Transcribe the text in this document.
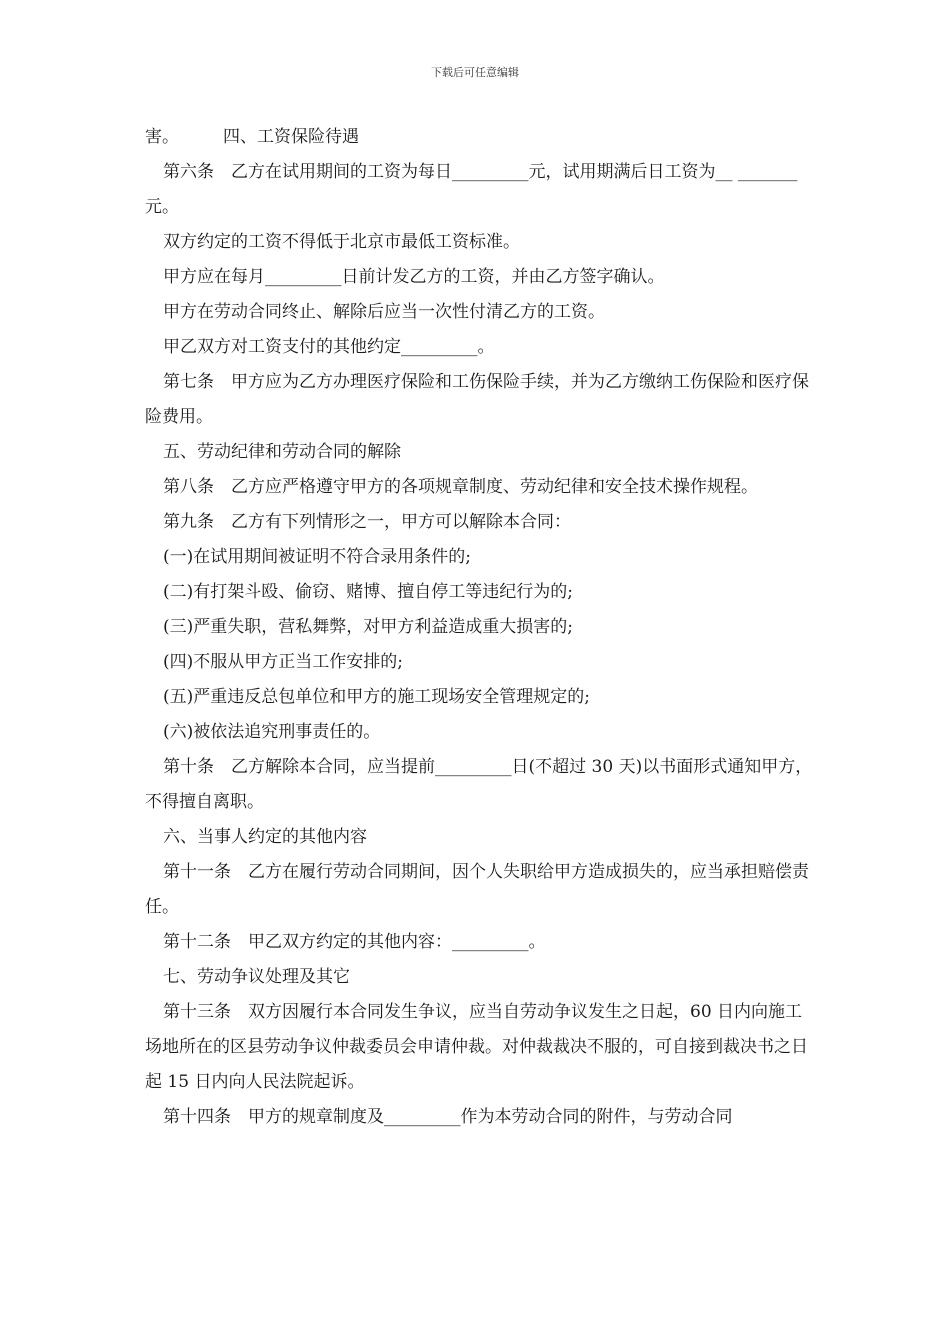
下载后可任意编辑

害。	四、工资保险待遇

第六条　乙方在试用期间的工资为每日_________元，试用期满后日工资为__ _______元。

双方约定的工资不得低于北京市最低工资标准。

甲方应在每月_________日前计发乙方的工资，并由乙方签字确认。

甲方在劳动合同终止、解除后应当一次性付清乙方的工资。

甲乙双方对工资支付的其他约定_________。

第七条　甲方应为乙方办理医疗保险和工伤保险手续，并为乙方缴纳工伤保险和医疗保险费用。

五、劳动纪律和劳动合同的解除

第八条　乙方应严格遵守甲方的各项规章制度、劳动纪律和安全技术操作规程。

第九条　乙方有下列情形之一，甲方可以解除本合同：

(一)在试用期间被证明不符合录用条件的;

(二)有打架斗殴、偷窃、赌博、擅自停工等违纪行为的;

(三)严重失职，营私舞弊，对甲方利益造成重大损害的;

(四)不服从甲方正当工作安排的;

(五)严重违反总包单位和甲方的施工现场安全管理规定的;

(六)被依法追究刑事责任的。

第十条　乙方解除本合同，应当提前_________日(不超过 30 天)以书面形式通知甲方，不得擅自离职。

六、当事人约定的其他内容

第十一条　乙方在履行劳动合同期间，因个人失职给甲方造成损失的，应当承担赔偿责任。

第十二条　甲乙双方约定的其他内容：_________。

七、劳动争议处理及其它

第十三条　双方因履行本合同发生争议，应当自劳动争议发生之日起，60 日内向施工场地所在的区县劳动争议仲裁委员会申请仲裁。对仲裁裁决不服的，可自接到裁决书之日起 15 日内向人民法院起诉。

第十四条　甲方的规章制度及_________作为本劳动合同的附件，与劳动合同
